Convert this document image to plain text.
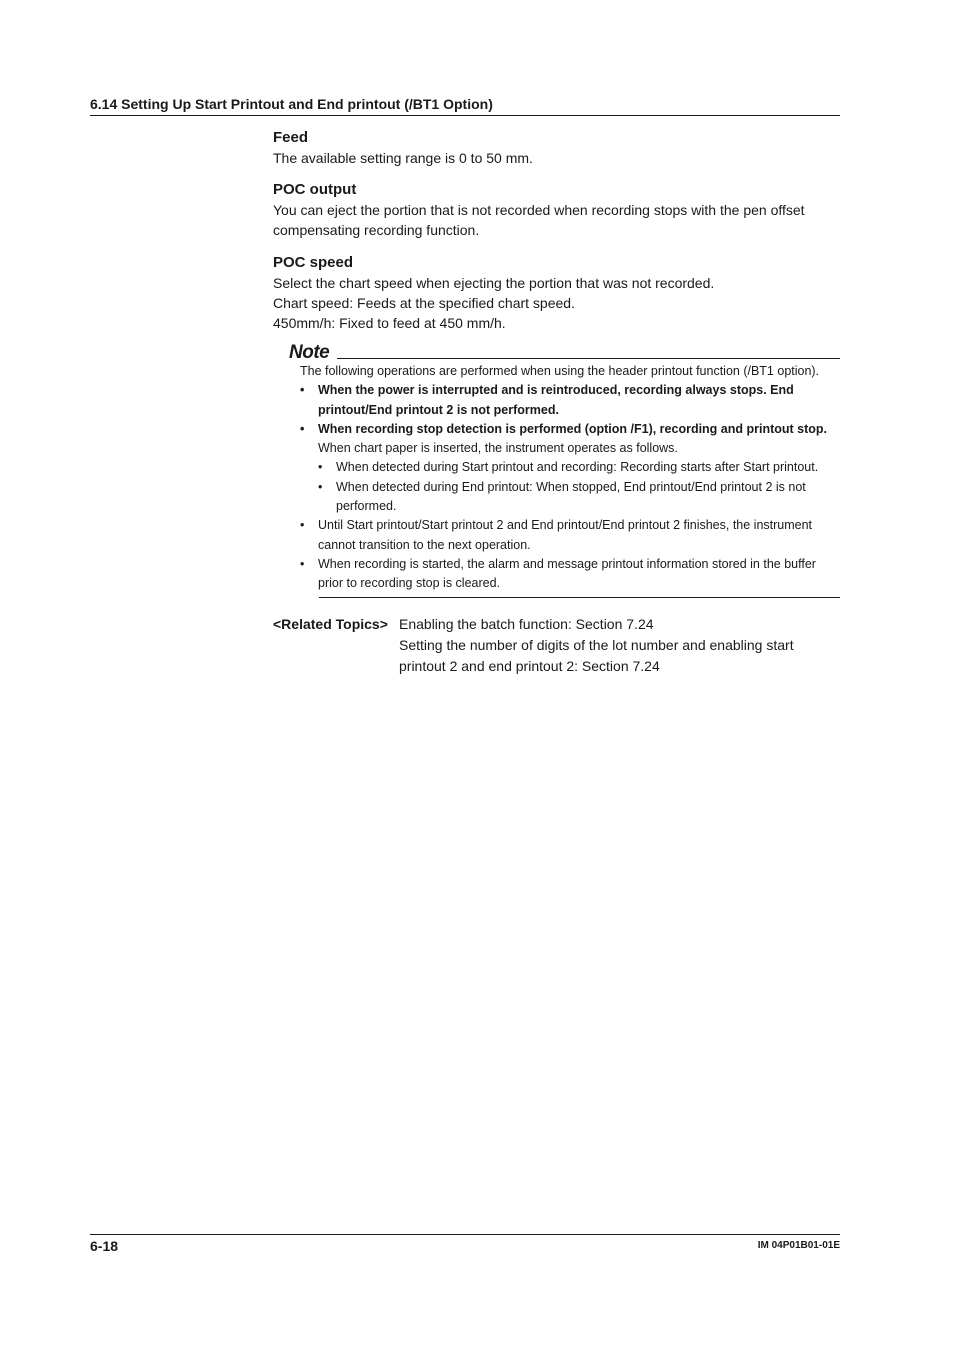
6.14 Setting Up Start Printout and End printout (/BT1 Option)
Feed
The available setting range is 0 to 50 mm.
POC output
You can eject the portion that is not recorded when recording stops with the pen offset
compensating recording function.
POC speed
Select the chart speed when ejecting the portion that was not recorded.
Chart speed: Feeds at the specified chart speed.
450mm/h: Fixed to feed at 450 mm/h.
Note
The following operations are performed when using the header printout function (/BT1 option).
• When the power is interrupted and is reintroduced, recording always stops. End
printout/End printout 2 is not performed.
• When recording stop detection is performed (option /F1), recording and printout stop.
When chart paper is inserted, the instrument operates as follows.
• When detected during Start printout and recording: Recording starts after Start printout.
• When detected during End printout: When stopped, End printout/End printout 2 is not
performed.
• Until Start printout/Start printout 2 and End printout/End printout 2 finishes, the instrument
cannot transition to the next operation.
• When recording is started, the alarm and message printout information stored in the buffer
prior to recording stop is cleared.
<Related Topics> Enabling the batch function: Section 7.24
Setting the number of digits of the lot number and enabling start
printout 2 and end printout 2: Section 7.24
6-18	IM 04P01B01-01E
